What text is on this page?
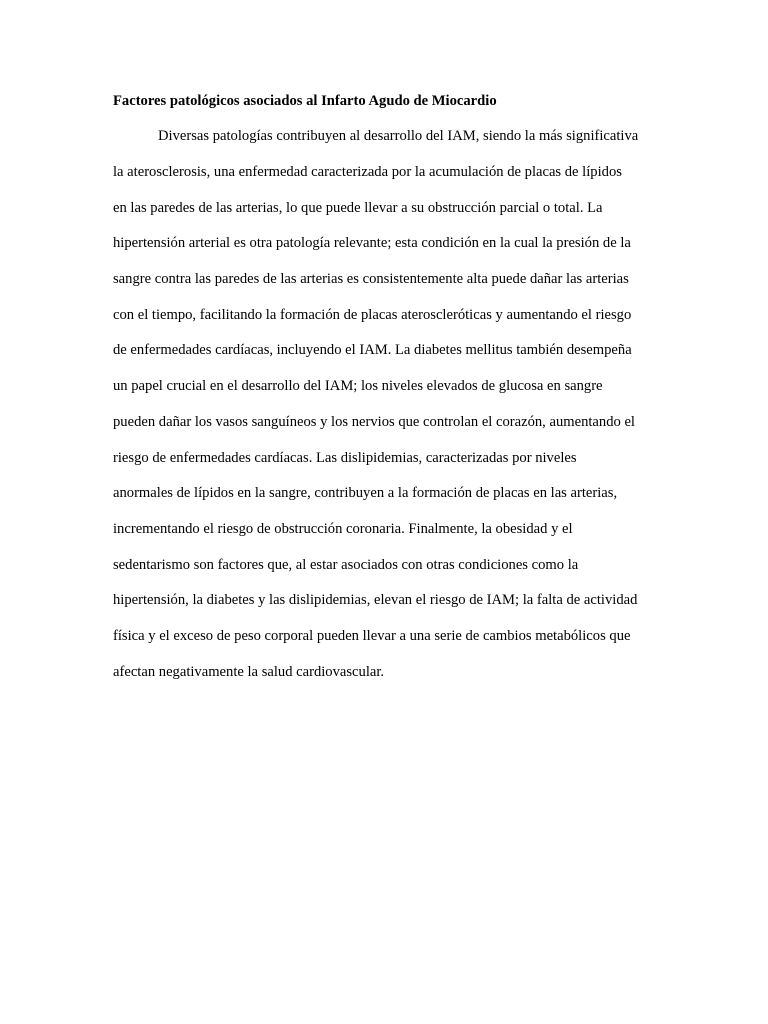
Factores patológicos asociados al Infarto Agudo de Miocardio

Diversas patologías contribuyen al desarrollo del IAM, siendo la más significativa

la aterosclerosis, una enfermedad caracterizada por la acumulación de placas de lípidos

en las paredes de las arterias, lo que puede llevar a su obstrucción parcial o total. La

hipertensión arterial es otra patología relevante; esta condición en la cual la presión de la

sangre contra las paredes de las arterias es consistentemente alta puede dañar las arterias

con el tiempo, facilitando la formación de placas ateroscleróticas y aumentando el riesgo

de enfermedades cardíacas, incluyendo el IAM. La diabetes mellitus también desempeña

un papel crucial en el desarrollo del IAM; los niveles elevados de glucosa en sangre

pueden dañar los vasos sanguíneos y los nervios que controlan el corazón, aumentando el

riesgo de enfermedades cardíacas. Las dislipidemias, caracterizadas por niveles

anormales de lípidos en la sangre, contribuyen a la formación de placas en las arterias,

incrementando el riesgo de obstrucción coronaria. Finalmente, la obesidad y el

sedentarismo son factores que, al estar asociados con otras condiciones como la

hipertensión, la diabetes y las dislipidemias, elevan el riesgo de IAM; la falta de actividad

física y el exceso de peso corporal pueden llevar a una serie de cambios metabólicos que

afectan negativamente la salud cardiovascular.
